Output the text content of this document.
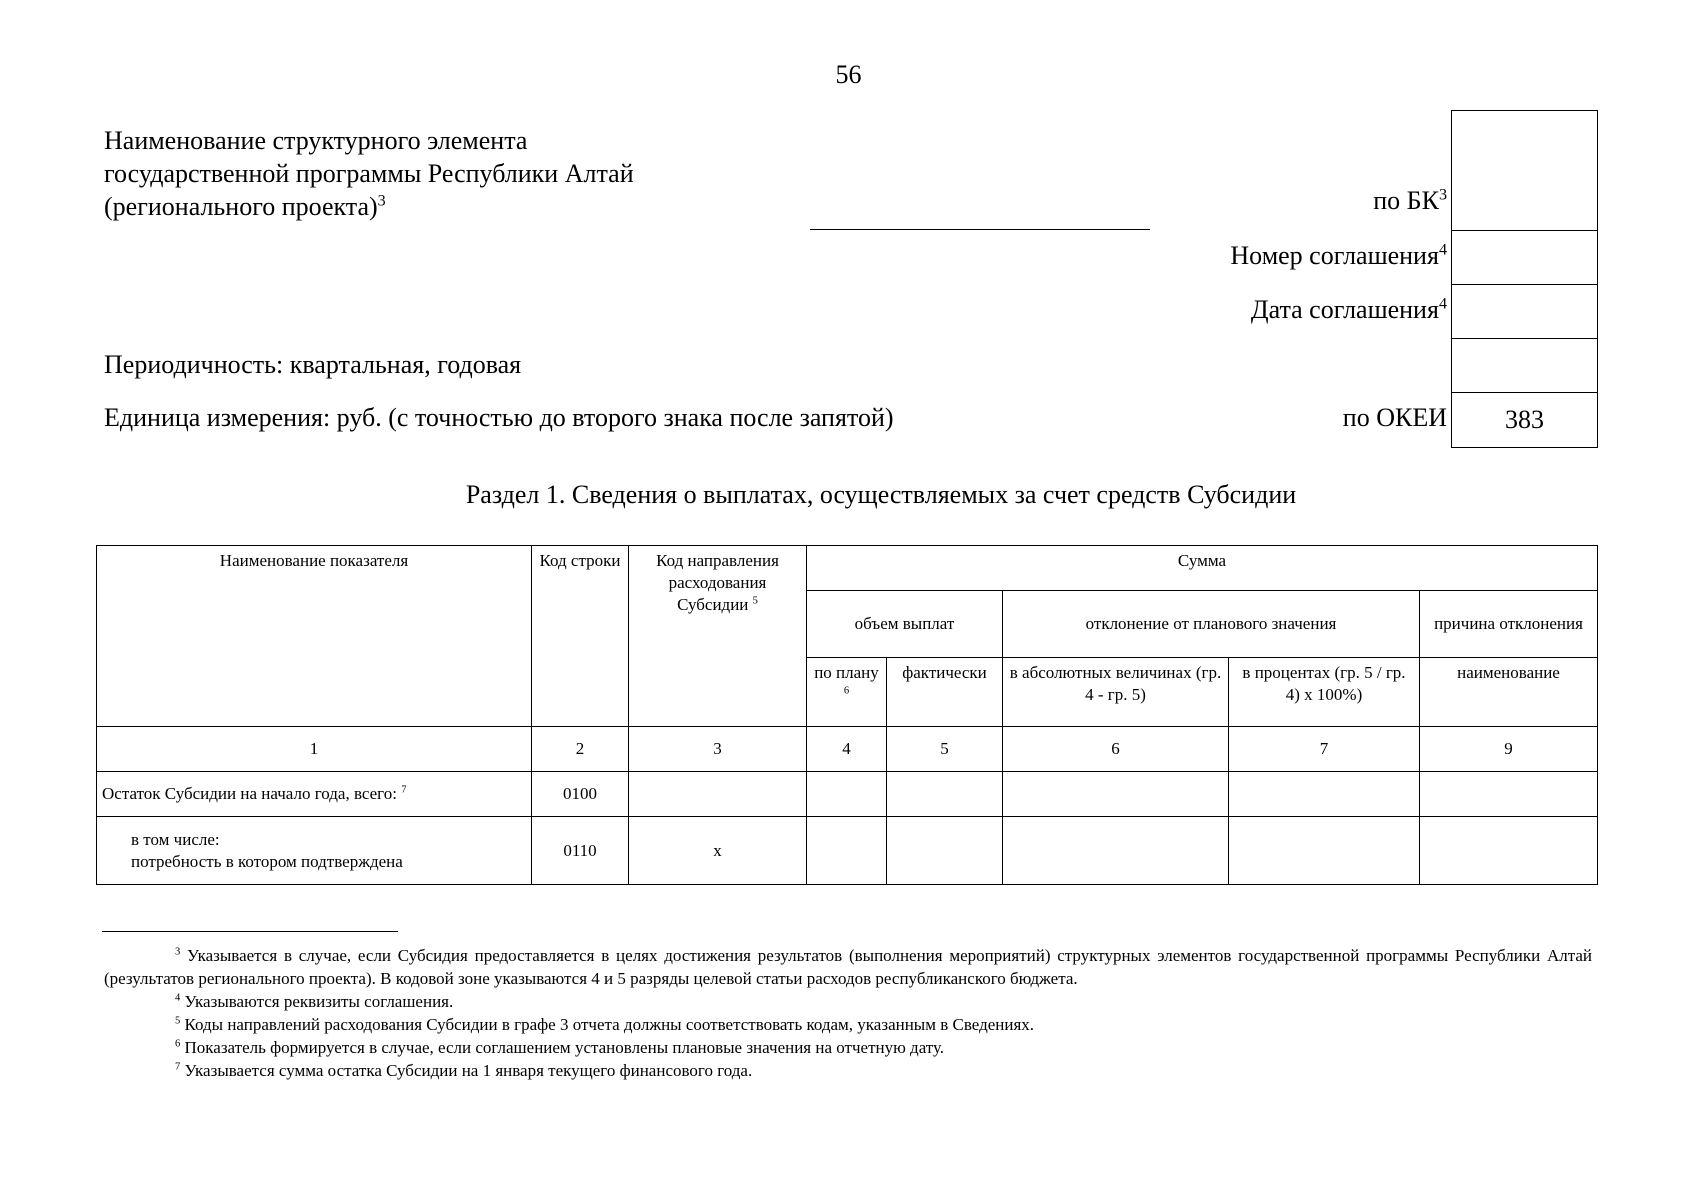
56
Наименование структурного элемента
государственной программы Республики Алтай
(регионального проекта)$^3$	по $БК^3$
Номер соглашения$^4$
Дата соглашения$^4$
по ОКЕИ	383
Периодичность: квартальная, годовая
Единица измерения: руб. (с точностью до второго знака после запятой)
Раздел 1. Сведения о выплатах, осуществляемых за счет средств Субсидии
Наименование показателя	Код строки	Код направления расходования Субсидии $^5$	Сумма				
			объем выплат		отклонение от планового значения		причина отклонения
			по плану $^6$	фактически	в абсолютных величинах (гр. 4 - гр. 5)	в процентах (гр. 5 / гр. 4) х 100%)	наименование
1	2	3	4	5	6	7	9
Остаток Субсидии на начало года, всего: $^7$	0100						

в том числе:
потребность в котором подтверждена	0110	х					

$^3$ Указывается в случае, если Субсидия предоставляется в целях достижения результатов (выполнения мероприятий) структурных элементов государственной программы Республики Алтай (результатов регионального проекта). В кодовой зоне указываются 4 и 5 разряды целевой статьи расходов республиканского бюджета.

$^4$ Указываются реквизиты соглашения.

$^5$ Коды направлений расходования Субсидии в графе 3 отчета должны соответствовать кодам, указанным в Сведениях.

$^6$ Показатель формируется в случае, если соглашением установлены плановые значения на отчетную дату.

$^7$ Указывается сумма остатка Субсидии на 1 января текущего финансового года.
